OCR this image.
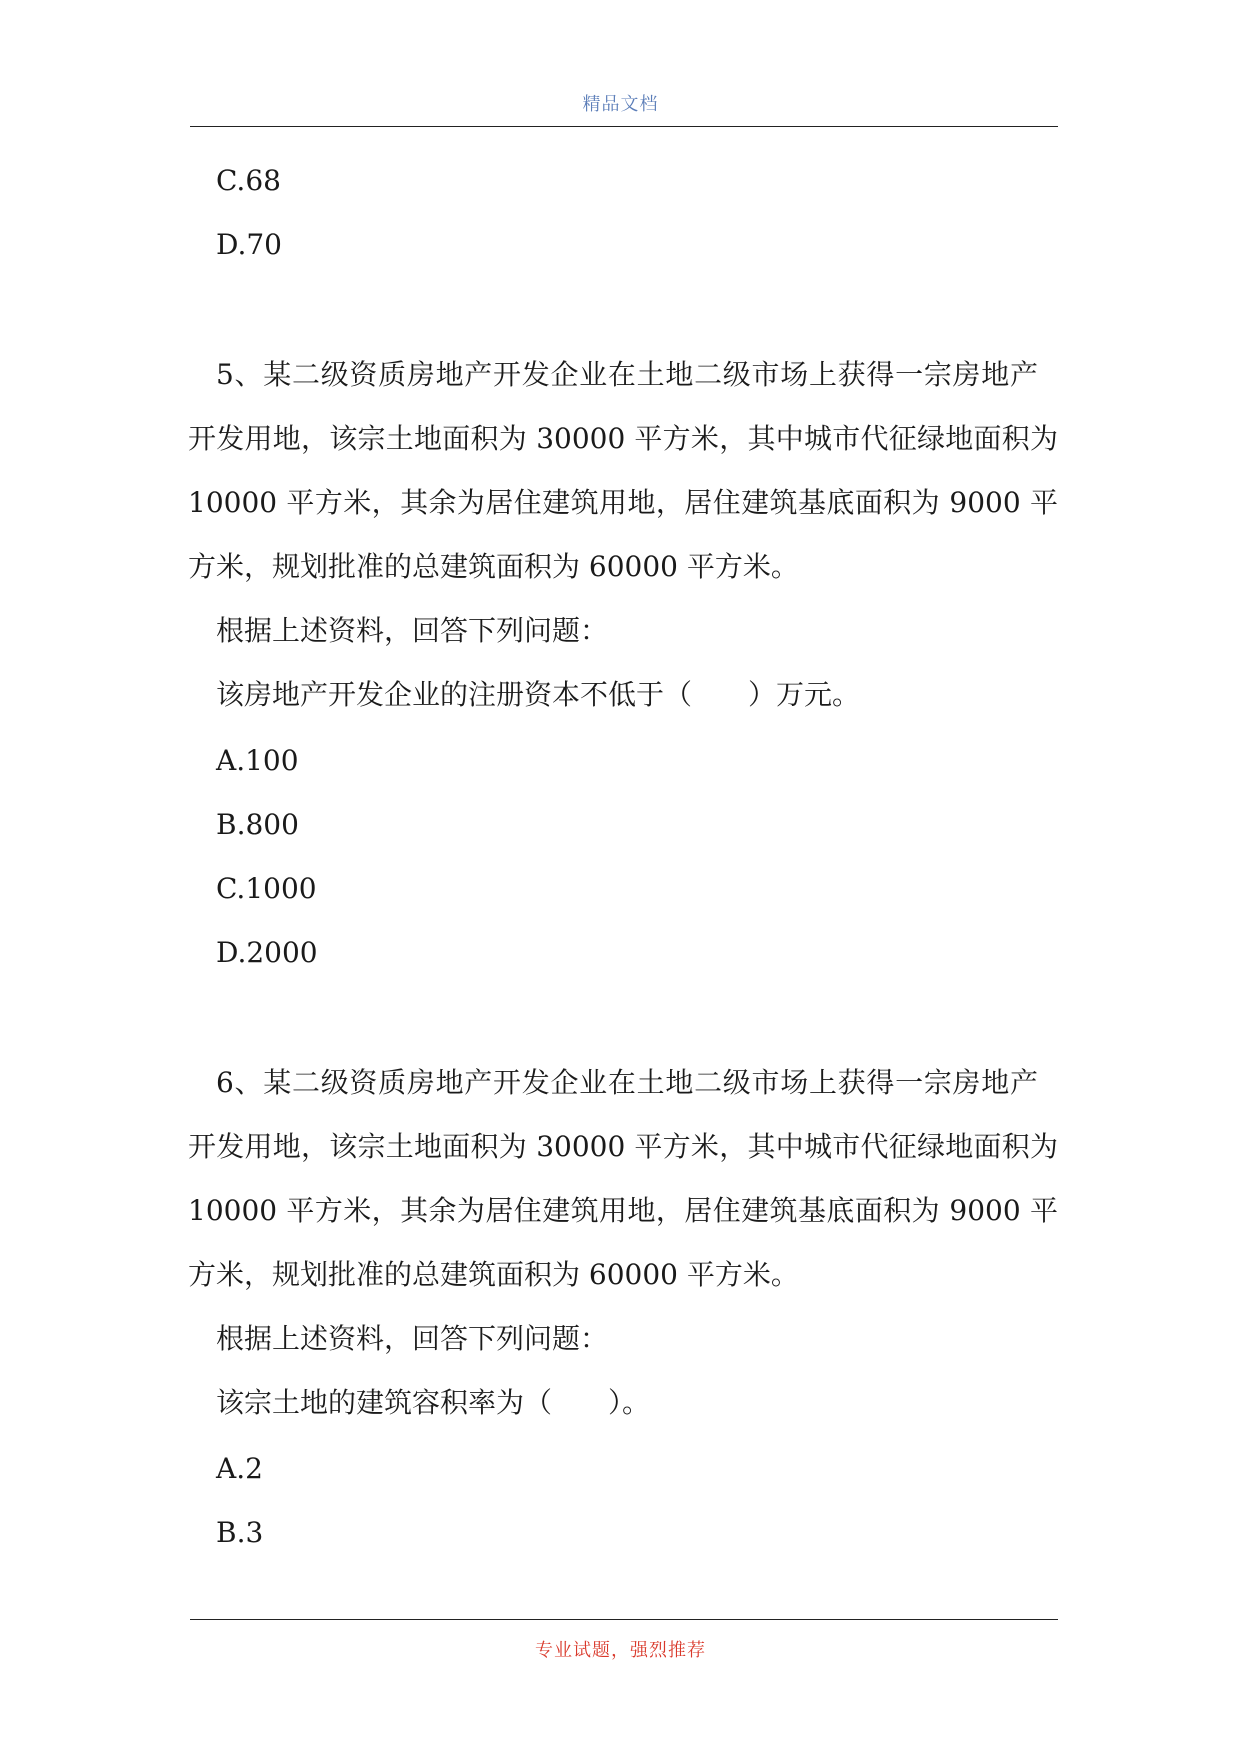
精品文档
C.68
D.70
5、某二级资质房地产开发企业在土地二级市场上获得一宗房地产
开发用地，该宗土地面积为 30000 平方米，其中城市代征绿地面积为
10000 平方米，其余为居住建筑用地，居住建筑基底面积为 9000 平
方米，规划批准的总建筑面积为 60000 平方米。
根据上述资料，回答下列问题：
该房地产开发企业的注册资本不低于（　　）万元。
A.100
B.800
C.1000
D.2000
6、某二级资质房地产开发企业在土地二级市场上获得一宗房地产
开发用地，该宗土地面积为 30000 平方米，其中城市代征绿地面积为
10000 平方米，其余为居住建筑用地，居住建筑基底面积为 9000 平
方米，规划批准的总建筑面积为 60000 平方米。
根据上述资料，回答下列问题：
该宗土地的建筑容积率为（　　）。
A.2
B.3
专业试题，强烈推荐
